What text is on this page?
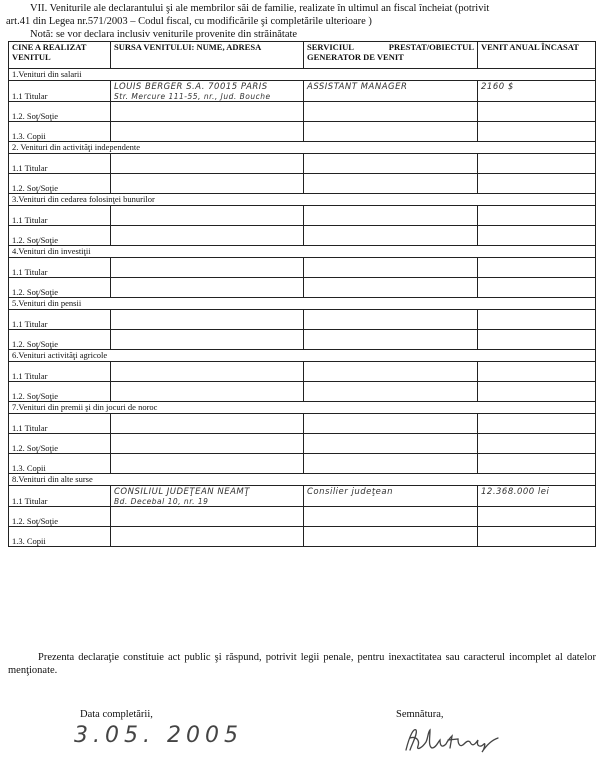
VII. Veniturile ale declarantului şi ale membrilor săi de familie, realizate în ultimul an fiscal încheiat (potrivit

art.41 din Legea nr.571/2003 – Codul fiscal, cu modificările şi completările ulterioare )

Notă: se vor declara inclusiv veniturile provenite din străinătate

CINE A REALIZAT VENITUL	SURSA VENITULUI: NUME, ADRESA	SERVICIUL PRESTAT/OBIECTUL GENERATOR DE VENIT	VENIT ANUAL ÎNCASAT
1.Venituri din salarii			
1.1 Titular	LOUIS BERGER S.A. 70015 PARIS
Str. Mercure 111-55, nr., Jud. Bouche	ASSISTANT MANAGER	2160 $
1.2. Soţ/Soţie	

1.3. Copii	

2. Venituri din activităţi independente			
1.1 Titular	

1.2. Soţ/Soţie	

3.Venituri din cedarea folosinţei bunurilor			
1.1 Titular	

1.2. Soţ/Soţie	

4.Venituri din investiţii			
1.1 Titular	

1.2. Soţ/Soţie	

5.Venituri din pensii			
1.1 Titular	

1.2. Soţ/Soţie	

6.Venituri activităţi agricole			
1.1 Titular	

1.2. Soţ/Soţie	

7.Venituri din premii şi din jocuri de noroc			
1.1 Titular	

1.2. Soţ/Soţie	

1.3. Copii	

8.Venituri din alte surse			
1.1 Titular	CONSILIUL JUDEŢEAN NEAMŢ
Bd. Decebal 10, nr. 19	Consilier judeţean	12.368.000 lei
1.2. Soţ/Soţie	

1.3. Copii	

Prezenta declaraţie constituie act public şi răspund, potrivit legii penale, pentru inexactitatea sau caracterul incomplet al datelor menţionate.

Data completării,
3.05. 2005
Semnătura,
